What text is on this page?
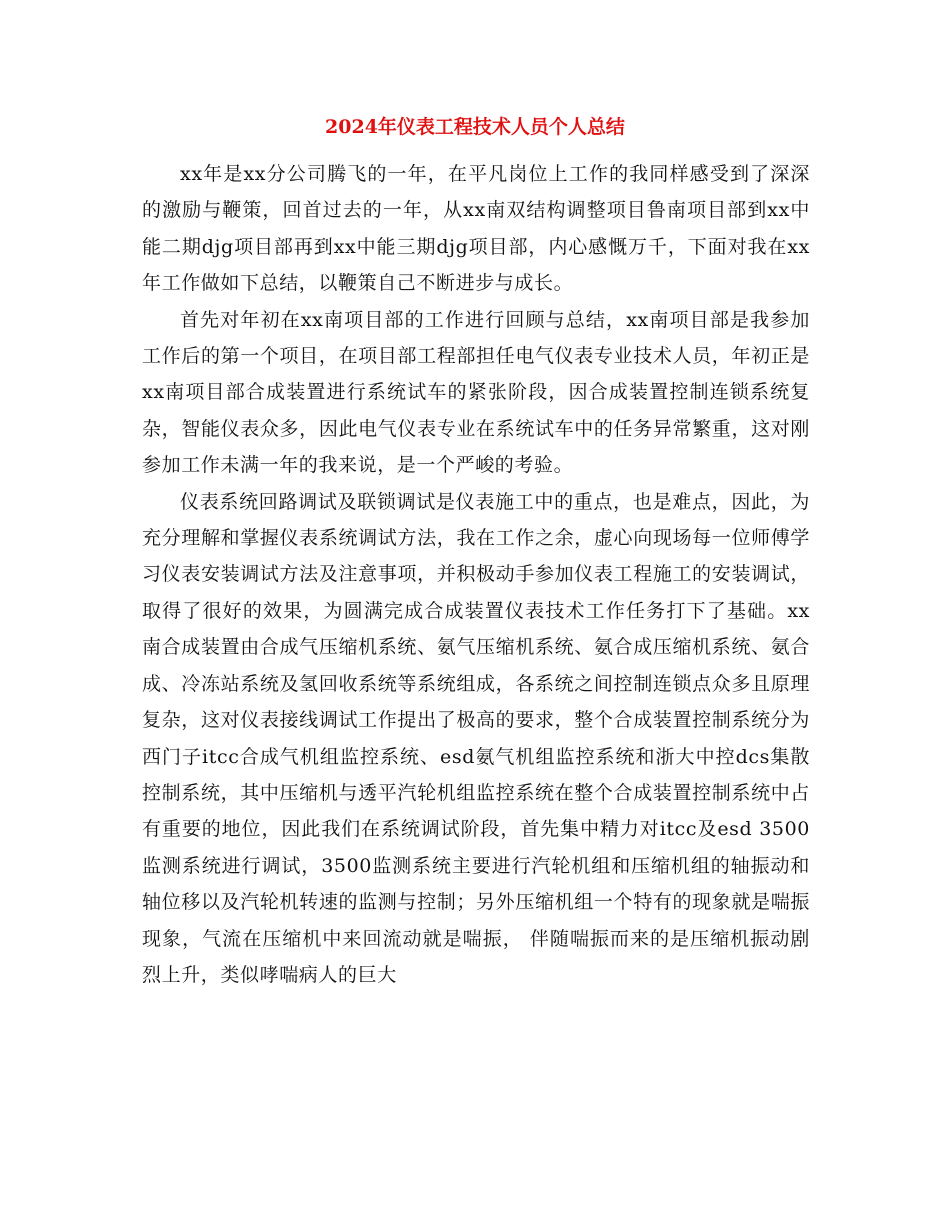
2024年仪表工程技术人员个人总结

xx年是xx分公司腾飞的一年，在平凡岗位上工作的我同样感受到了深深的激励与鞭策，回首过去的一年，从xx南双结构调整项目鲁南项目部到xx中能二期djg项目部再到xx中能三期djg项目部，内心感慨万千，下面对我在xx年工作做如下总结，以鞭策自己不断进步与成长。

首先对年初在xx南项目部的工作进行回顾与总结，xx南项目部是我参加工作后的第一个项目，在项目部工程部担任电气仪表专业技术人员，年初正是xx南项目部合成装置进行系统试车的紧张阶段，因合成装置控制连锁系统复杂，智能仪表众多，因此电气仪表专业在系统试车中的任务异常繁重，这对刚参加工作未满一年的我来说，是一个严峻的考验。

仪表系统回路调试及联锁调试是仪表施工中的重点，也是难点，因此，为充分理解和掌握仪表系统调试方法，我在工作之余，虚心向现场每一位师傅学习仪表安装调试方法及注意事项，并积极动手参加仪表工程施工的安装调试，取得了很好的效果，为圆满完成合成装置仪表技术工作任务打下了基础。xx南合成装置由合成气压缩机系统、氨气压缩机系统、氨合成压缩机系统、氨合成、冷冻站系统及氢回收系统等系统组成，各系统之间控制连锁点众多且原理复杂，这对仪表接线调试工作提出了极高的要求，整个合成装置控制系统分为西门子itcc合成气机组监控系统、esd氨气机组监控系统和浙大中控dcs集散控制系统，其中压缩机与透平汽轮机组监控系统在整个合成装置控制系统中占有重要的地位，因此我们在系统调试阶段，首先集中精力对itcc及esd 3500监测系统进行调试，3500监测系统主要进行汽轮机组和压缩机组的轴振动和轴位移以及汽轮机转速的监测与控制；另外压缩机组一个特有的现象就是喘振现象，气流在压缩机中来回流动就是喘振， 伴随喘振而来的是压缩机振动剧烈上升，类似哮喘病人的巨大
